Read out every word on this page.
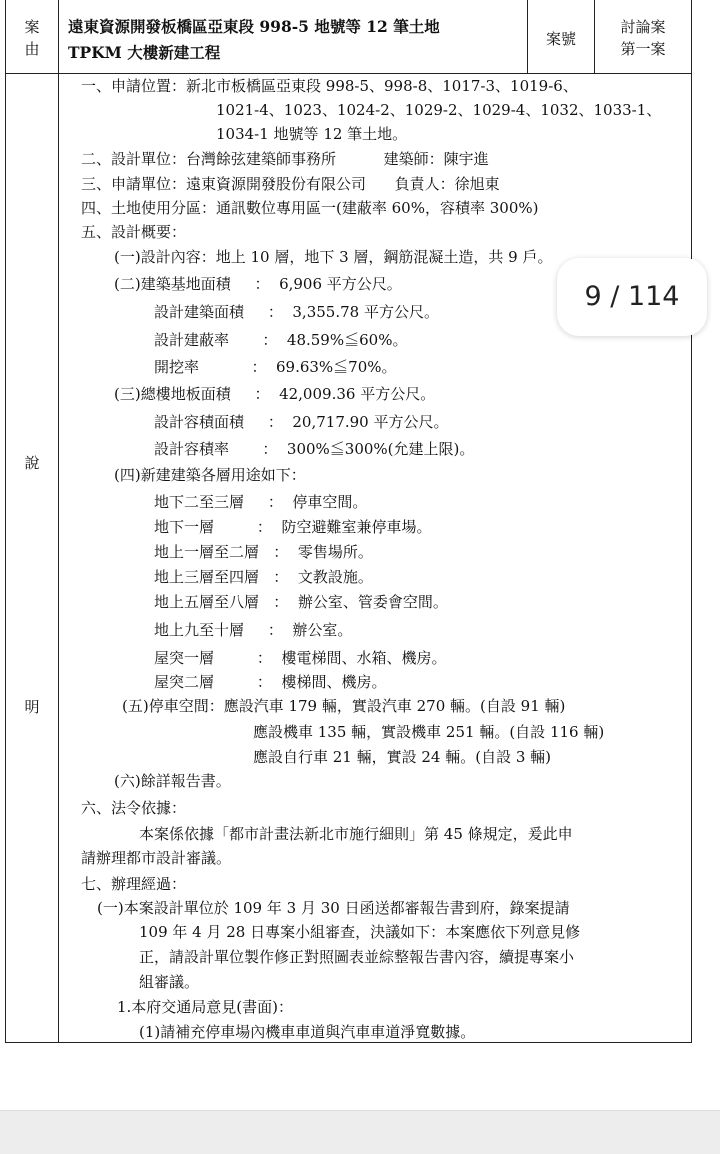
案
由
遠東資源開發板橋區亞東段 998-5 地號等 12 筆土地
TPKM 大樓新建工程
案號
討論案
第一案
說
明
一、申請位置：新北市板橋區亞東段 998-5、998-8、1017-3、1019-6、
1021-4、1023、1024-2、1029-2、1029-4、1032、1033-1、
1034-1 地號等 12 筆土地。
二、設計單位：台灣餘弦建築師事務所          建築師：陳宇進
三、申請單位：遠東資源開發股份有限公司      負責人：徐旭東
四、土地使用分區：通訊數位專用區一(建蔽率 60%，容積率 300%)
五、設計概要：
(一)設計內容：地上 10 層，地下 3 層，鋼筋混凝土造，共 9 戶。
(二)建築基地面積     ：  6,906 平方公尺。
設計建築面積     ：  3,355.78 平方公尺。
設計建蔽率       ：  48.59%≦60%。
開挖率           ：  69.63%≦70%。
(三)總樓地板面積     ：  42,009.36 平方公尺。
設計容積面積     ：  20,717.90 平方公尺。
設計容積率       ：  300%≦300%(允建上限)。
(四)新建建築各層用途如下：
地下二至三層     ：  停車空間。
地下一層         ：  防空避難室兼停車場。
地上一層至二層   ：  零售場所。
地上三層至四層   ：  文教設施。
地上五層至八層   ：  辦公室、管委會空間。
地上九至十層     ：  辦公室。
屋突一層         ：  樓電梯間、水箱、機房。
屋突二層         ：  樓梯間、機房。
(五)停車空間：應設汽車 179 輛，實設汽車 270 輛。(自設 91 輛)
應設機車 135 輛，實設機車 251 輛。(自設 116 輛)
應設自行車 21 輛，實設 24 輛。(自設 3 輛)
(六)餘詳報告書。
六、法令依據：
本案係依據「都市計畫法新北市施行細則」第 45 條規定，爰此申
請辦理都市設計審議。
七、辦理經過：
(一)本案設計單位於 109 年 3 月 30 日函送都審報告書到府，錄案提請
109 年 4 月 28 日專案小組審查，決議如下：本案應依下列意見修
正，請設計單位製作修正對照圖表並綜整報告書內容，續提專案小
組審議。
1.本府交通局意見(書面)：
(1)請補充停車場內機車車道與汽車車道淨寬數據。
9 / 114
